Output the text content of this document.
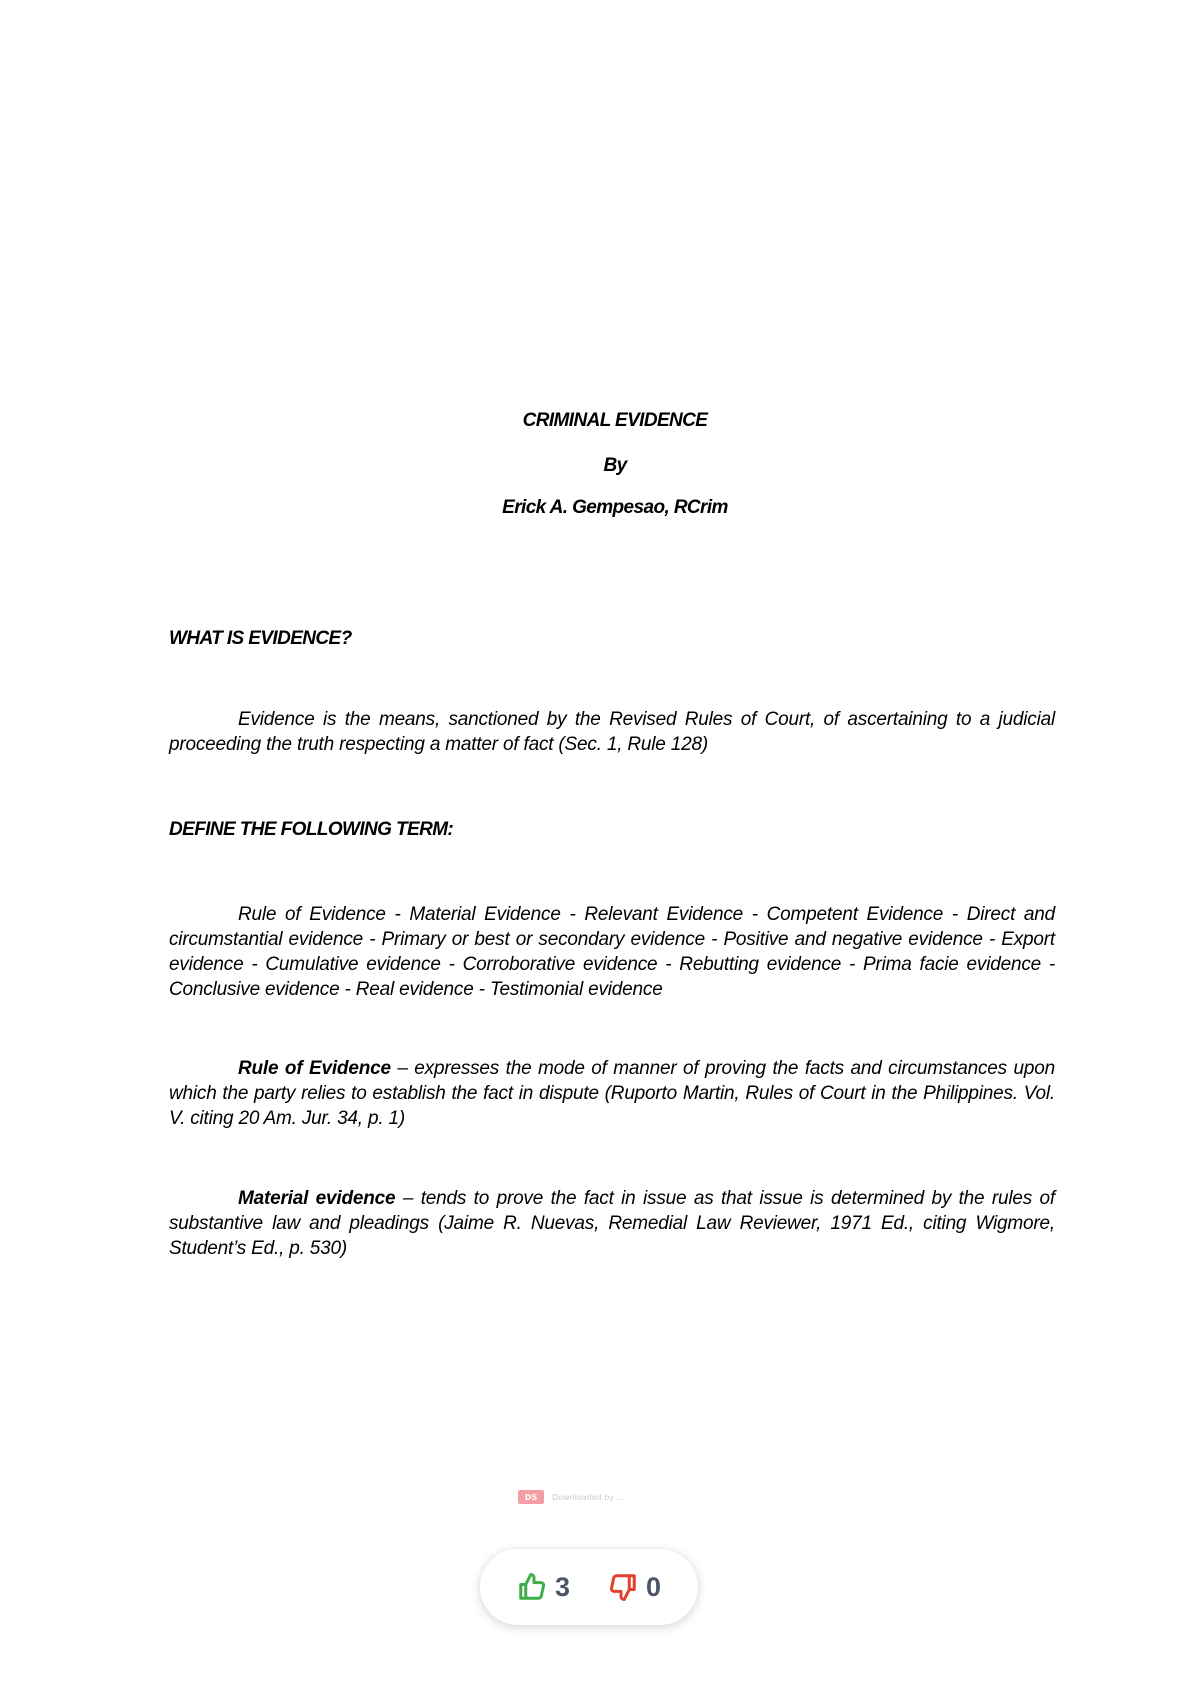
CRIMINAL EVIDENCE
By
Erick A. Gempesao, RCrim
WHAT IS EVIDENCE?
Evidence is the means, sanctioned by the Revised Rules of Court, of ascertaining to a judicial proceeding the truth respecting a matter of fact (Sec. 1, Rule 128)
DEFINE THE FOLLOWING TERM:
Rule of Evidence - Material Evidence - Relevant Evidence - Competent Evidence - Direct and circumstantial evidence - Primary or best or secondary evidence - Positive and negative evidence - Export evidence - Cumulative evidence - Corroborative evidence - Rebutting evidence - Prima facie evidence - Conclusive evidence - Real evidence - Testimonial evidence
Rule of Evidence – expresses the mode of manner of proving the facts and circumstances upon which the party relies to establish the fact in dispute (Ruporto Martin, Rules of Court in the Philippines. Vol. V. citing 20 Am. Jur. 34, p. 1)
Material evidence – tends to prove the fact in issue as that issue is determined by the rules of substantive law and pleadings (Jaime R. Nuevas, Remedial Law Reviewer, 1971 Ed., citing Wigmore, Student’s Ed., p. 530)
DS	Downloaded by ...
3	0
